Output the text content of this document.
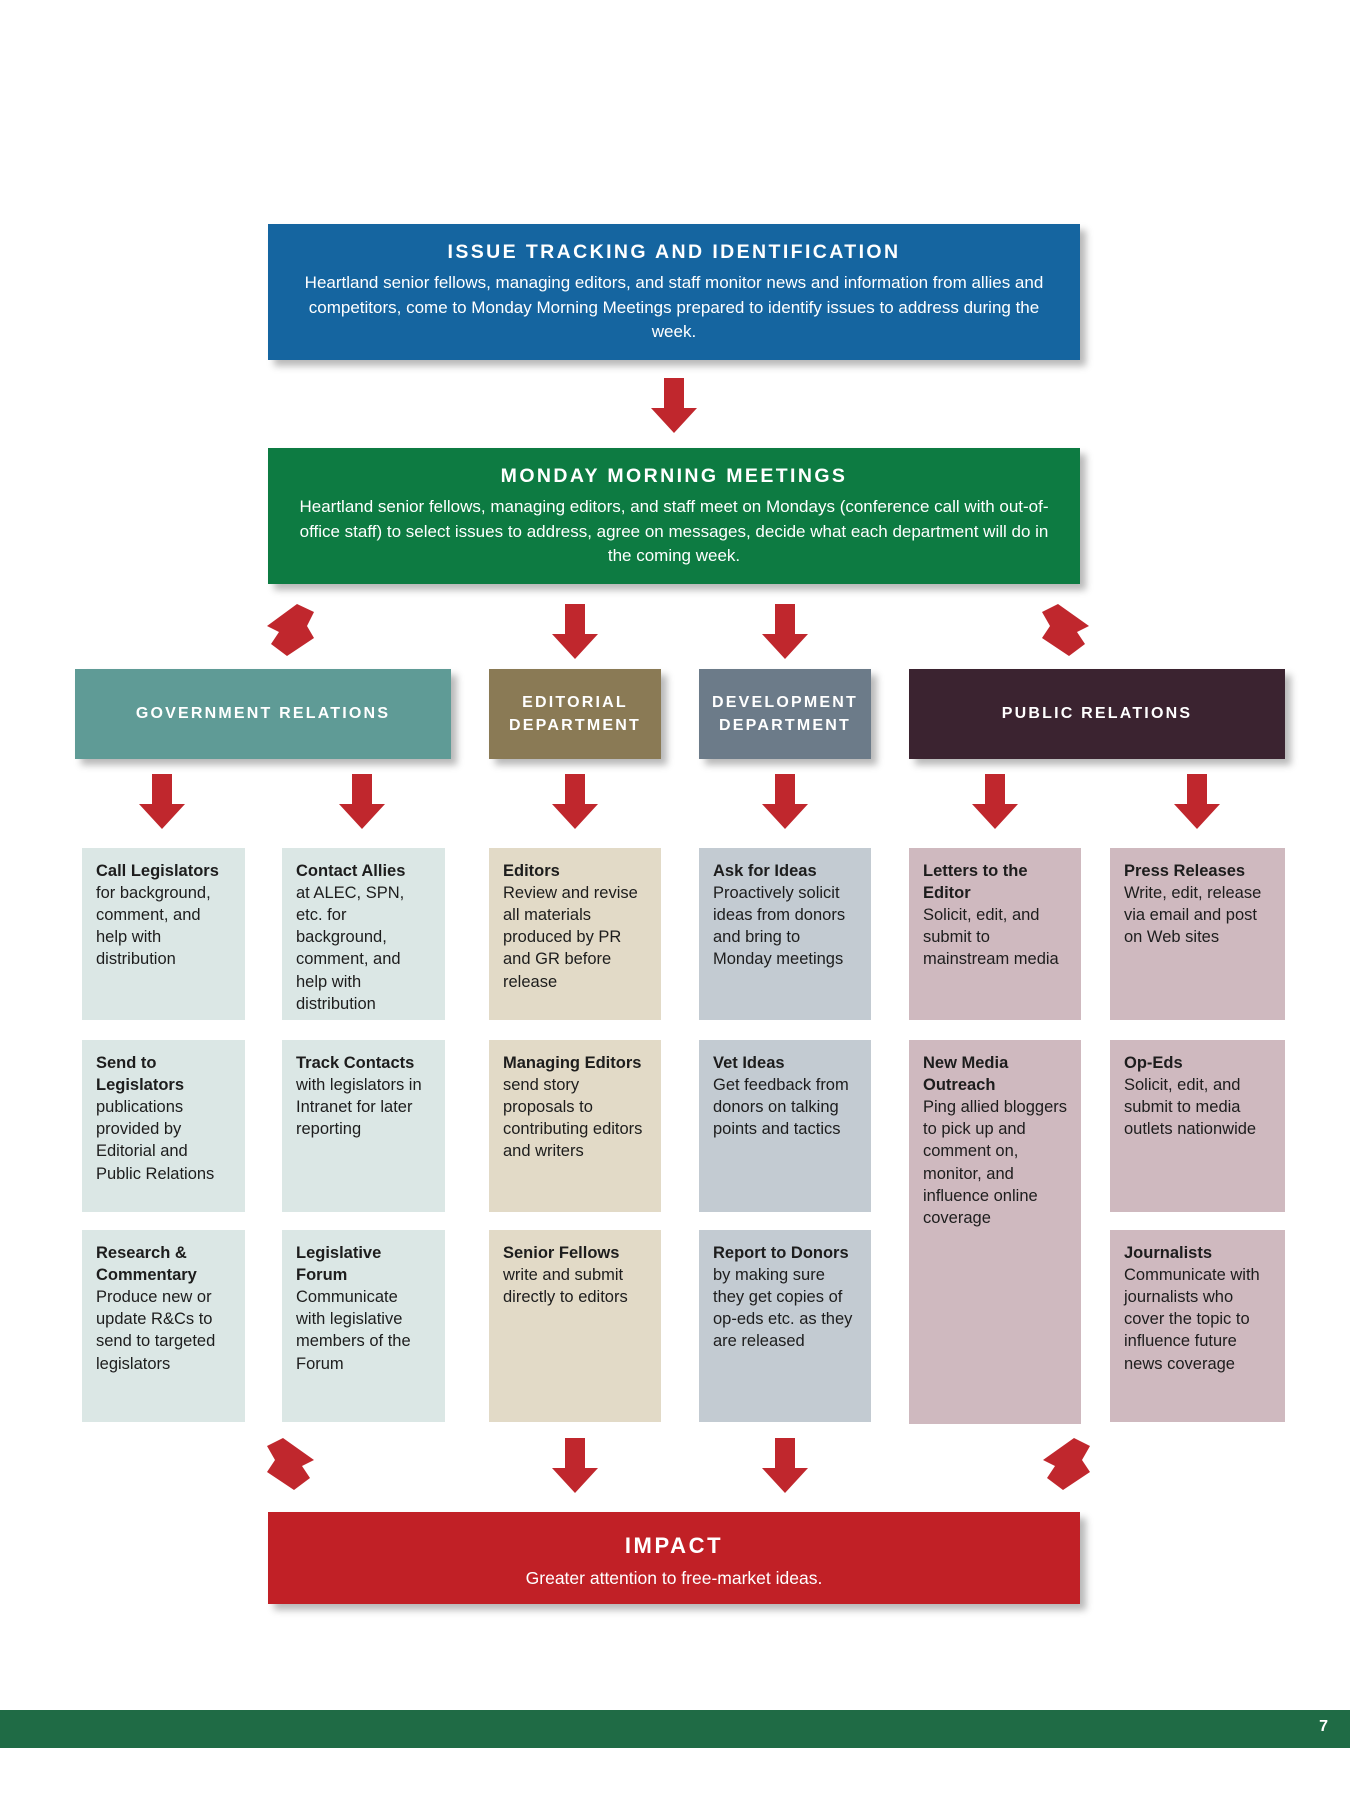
ISSUE TRACKING AND IDENTIFICATION
Heartland senior fellows, managing editors, and staff monitor news and information from allies and competitors, come to Monday Morning Meetings prepared to identify issues to address during the week.
MONDAY MORNING MEETINGS
Heartland senior fellows, managing editors, and staff meet on Mondays (conference call with out-of-office staff) to select issues to address, agree on messages, decide what each department will do in the coming week.
GOVERNMENT RELATIONS
EDITORIAL DEPARTMENT
DEVELOPMENT DEPARTMENT
PUBLIC RELATIONS
Call Legislators
for background, comment, and help with distribution
Send to Legislators
publications provided by Editorial and Public Relations
Research & Commentary
Produce new or update R&Cs to send to targeted legislators
Contact Allies
at ALEC, SPN, etc. for background, comment, and help with distribution
Track Contacts
with legislators in Intranet for later reporting
Legislative Forum
Communicate with legislative members of the Forum
Editors
Review and revise all materials produced by PR and GR before release
Managing Editors
send story proposals to contributing editors and writers
Senior Fellows
write and submit directly to editors
Ask for Ideas
Proactively solicit ideas from donors and bring to Monday meetings
Vet Ideas
Get feedback from donors on talking points and tactics
Report to Donors
by making sure they get copies of op-eds etc. as they are released
Letters to the Editor
Solicit, edit, and submit to mainstream media
New Media Outreach
Ping allied bloggers to pick up and comment on, monitor, and influence online coverage
Press Releases
Write, edit, release via email and post on Web sites
Op-Eds
Solicit, edit, and submit to media outlets nationwide
Journalists
Communicate with journalists who cover the topic to influence future news coverage
IMPACT
Greater attention to free-market ideas.
7
